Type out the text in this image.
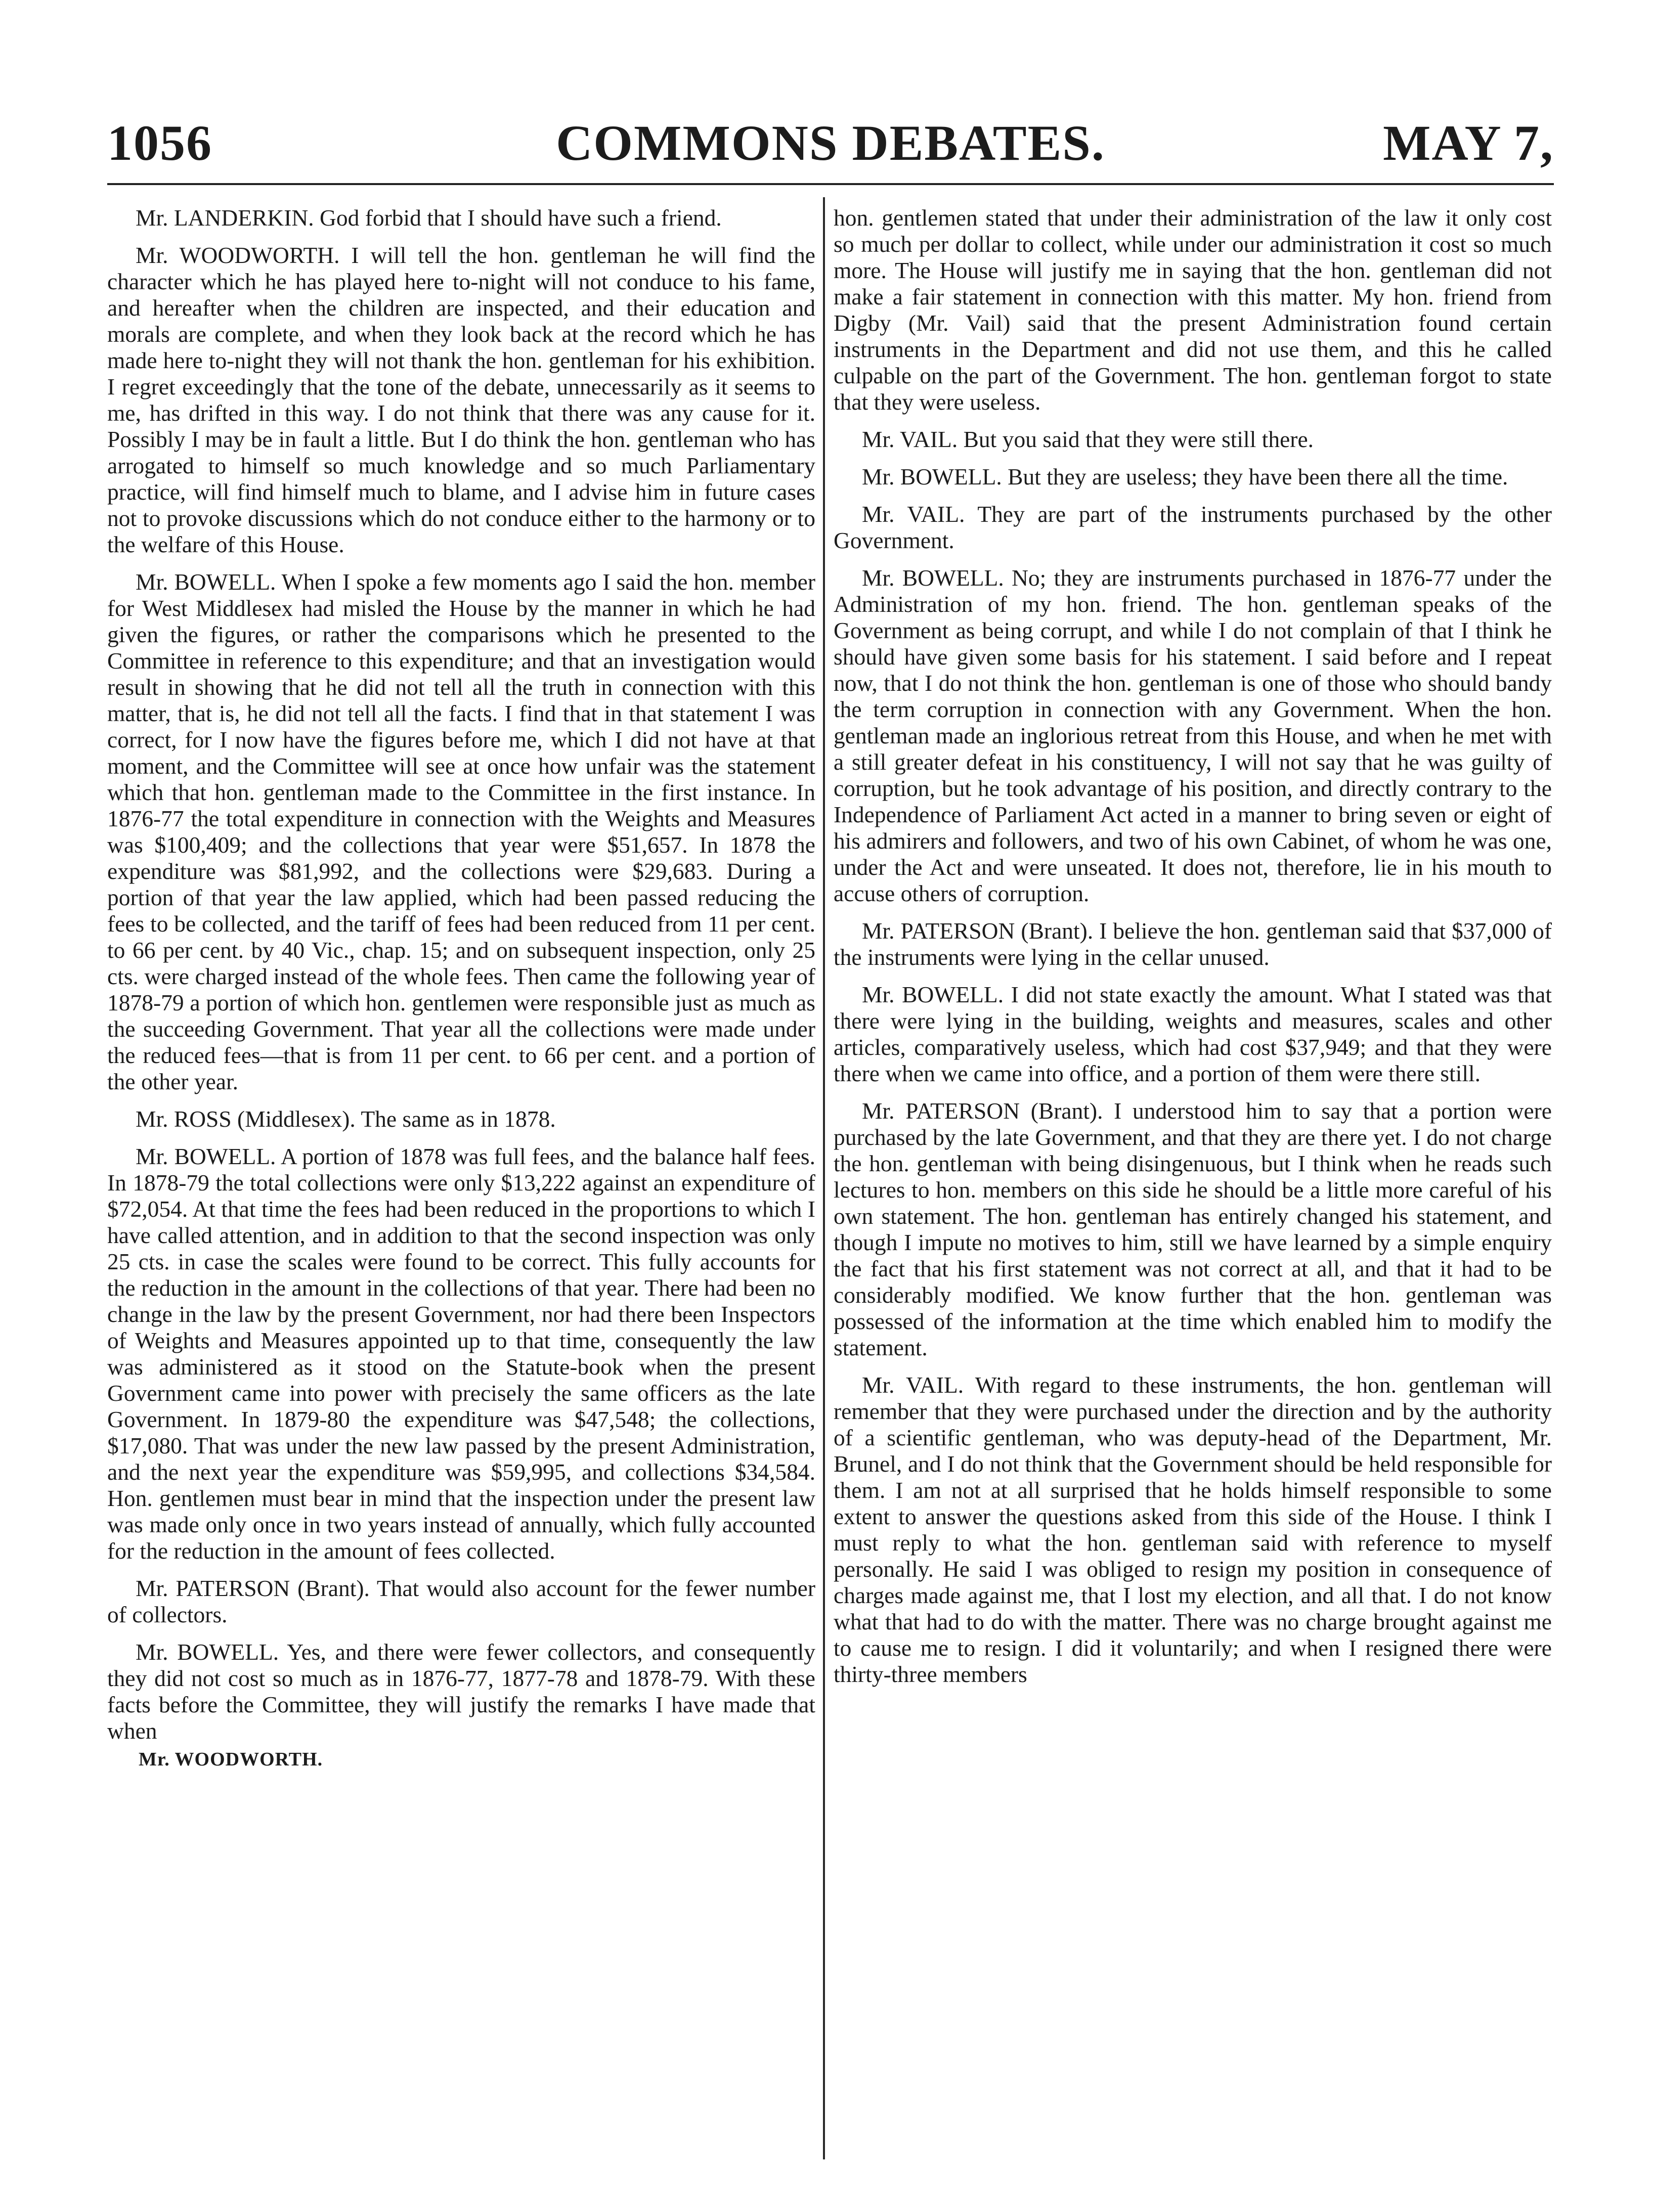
1056	COMMONS DEBATES.	MAY 7,

Mr. LANDERKIN. God forbid that I should have such a friend.

Mr. WOODWORTH. I will tell the hon. gentleman he will find the character which he has played here to-night will not conduce to his fame, and hereafter when the children are inspected, and their education and morals are complete, and when they look back at the record which he has made here to-night they will not thank the hon. gentleman for his exhibition. I regret exceedingly that the tone of the debate, unnecessarily as it seems to me, has drifted in this way. I do not think that there was any cause for it. Possibly I may be in fault a little. But I do think the hon. gentleman who has arrogated to himself so much knowledge and so much Parliamentary practice, will find himself much to blame, and I advise him in future cases not to provoke discussions which do not conduce either to the harmony or to the welfare of this House.

Mr. BOWELL. When I spoke a few moments ago I said the hon. member for West Middlesex had misled the House by the manner in which he had given the figures, or rather the comparisons which he presented to the Committee in reference to this expenditure; and that an investigation would result in showing that he did not tell all the truth in connection with this matter, that is, he did not tell all the facts. I find that in that statement I was correct, for I now have the figures before me, which I did not have at that moment, and the Committee will see at once how unfair was the statement which that hon. gentleman made to the Committee in the first instance. In 1876-77 the total expenditure in connection with the Weights and Measures was $100,409; and the collections that year were $51,657. In 1878 the expenditure was $81,992, and the collections were $29,683. During a portion of that year the law applied, which had been passed reducing the fees to be collected, and the tariff of fees had been reduced from 11 per cent. to 66 per cent. by 40 Vic., chap. 15; and on subsequent inspection, only 25 cts. were charged instead of the whole fees. Then came the following year of 1878-79 a portion of which hon. gentlemen were responsible just as much as the succeeding Government. That year all the collections were made under the reduced fees—that is from 11 per cent. to 66 per cent. and a portion of the other year.

Mr. ROSS (Middlesex). The same as in 1878.

Mr. BOWELL. A portion of 1878 was full fees, and the balance half fees. In 1878-79 the total collections were only $13,222 against an expenditure of $72,054. At that time the fees had been reduced in the proportions to which I have called attention, and in addition to that the second inspection was only 25 cts. in case the scales were found to be correct. This fully accounts for the reduction in the amount in the collections of that year. There had been no change in the law by the present Government, nor had there been Inspectors of Weights and Measures appointed up to that time, consequently the law was administered as it stood on the Statute-book when the present Government came into power with precisely the same officers as the late Government. In 1879-80 the expenditure was $47,548; the collections, $17,080. That was under the new law passed by the present Administration, and the next year the expenditure was $59,995, and collections $34,584. Hon. gentlemen must bear in mind that the inspection under the present law was made only once in two years instead of annually, which fully accounted for the reduction in the amount of fees collected.

Mr. PATERSON (Brant). That would also account for the fewer number of collectors.

Mr. BOWELL. Yes, and there were fewer collectors, and consequently they did not cost so much as in 1876-77, 1877-78 and 1878-79. With these facts before the Committee, they will justify the remarks I have made that when

Mr. WOODWORTH.

hon. gentlemen stated that under their administration of the law it only cost so much per dollar to collect, while under our administration it cost so much more. The House will justify me in saying that the hon. gentleman did not make a fair statement in connection with this matter. My hon. friend from Digby (Mr. Vail) said that the present Administration found certain instruments in the Department and did not use them, and this he called culpable on the part of the Government. The hon. gentleman forgot to state that they were useless.

Mr. VAIL. But you said that they were still there.

Mr. BOWELL. But they are useless; they have been there all the time.

Mr. VAIL. They are part of the instruments purchased by the other Government.

Mr. BOWELL. No; they are instruments purchased in 1876-77 under the Administration of my hon. friend. The hon. gentleman speaks of the Government as being corrupt, and while I do not complain of that I think he should have given some basis for his statement. I said before and I repeat now, that I do not think the hon. gentleman is one of those who should bandy the term corruption in connection with any Government. When the hon. gentleman made an inglorious retreat from this House, and when he met with a still greater defeat in his constituency, I will not say that he was guilty of corruption, but he took advantage of his position, and directly contrary to the Independence of Parliament Act acted in a manner to bring seven or eight of his admirers and followers, and two of his own Cabinet, of whom he was one, under the Act and were unseated. It does not, therefore, lie in his mouth to accuse others of corruption.

Mr. PATERSON (Brant). I believe the hon. gentleman said that $37,000 of the instruments were lying in the cellar unused.

Mr. BOWELL. I did not state exactly the amount. What I stated was that there were lying in the building, weights and measures, scales and other articles, comparatively useless, which had cost $37,949; and that they were there when we came into office, and a portion of them were there still.

Mr. PATERSON (Brant). I understood him to say that a portion were purchased by the late Government, and that they are there yet. I do not charge the hon. gentleman with being disingenuous, but I think when he reads such lectures to hon. members on this side he should be a little more careful of his own statement. The hon. gentleman has entirely changed his statement, and though I impute no motives to him, still we have learned by a simple enquiry the fact that his first statement was not correct at all, and that it had to be considerably modified. We know further that the hon. gentleman was possessed of the information at the time which enabled him to modify the statement.

Mr. VAIL. With regard to these instruments, the hon. gentleman will remember that they were purchased under the direction and by the authority of a scientific gentleman, who was deputy-head of the Department, Mr. Brunel, and I do not think that the Government should be held responsible for them. I am not at all surprised that he holds himself responsible to some extent to answer the questions asked from this side of the House. I think I must reply to what the hon. gentleman said with reference to myself personally. He said I was obliged to resign my position in consequence of charges made against me, that I lost my election, and all that. I do not know what that had to do with the matter. There was no charge brought against me to cause me to resign. I did it voluntarily; and when I resigned there were thirty-three members
